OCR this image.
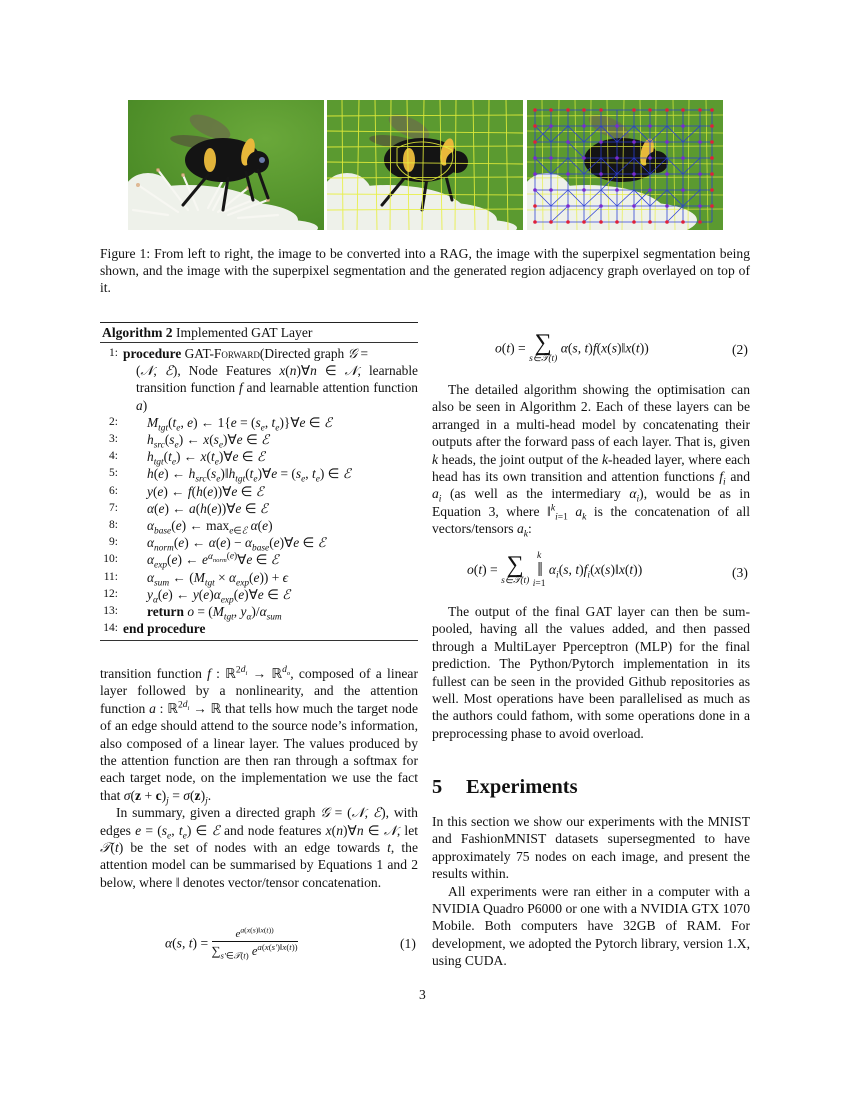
Figure 1: From left to right, the image to be converted into a RAG, the image with the superpixel segmentation being shown, and the image with the superpixel segmentation and the generated region adjacency graph overlayed on top of it.
Algorithm 2 Implemented GAT Layer
1: procedure GAT-Forward(Directed graph 𝒢 =
(𝒩, ℰ), Node Features x(n)∀n ∈ 𝒩, learnable transition function f and learnable attention function a)
2:	$M_{tgt}(t_e$, e) ← $1\{e = (s_e$, $t_e)\}\forall e$ ∈ ℰ
3:	$h_{src}(s_e)$ ← $x(s_e)\forall e$ ∈ ℰ
4:	$h_{tgt}(t_e)$ ← $x(t_e)\forall e$ ∈ ℰ
5:	h(e) ← $h_{src}(s_e)‖h_{tgt}(t_e)\forall e = (s_e$, $t_e$) ∈ ℰ
6:	y(e) ← f(h(e))∀e ∈ ℰ
7:	α(e) ← a(h(e))∀e ∈ ℰ
8:	$\alpha_{base}(e)$ ← $\max_{e\in ℰ} \alpha(e)$
9:	$\alpha_{norm}(e)$ ← $\alpha(e) - \alpha_{base}(e)\forall e$ ∈ ℰ
10:	$\alpha_{exp}(e)$ ← $e^{\alpha_{norm}(e)}\forall e$ ∈ ℰ
11:	$\alpha_{sum}$ ← $(M_{tgt} \times \alpha_{exp}(e)) + \epsilon$
12:	$y_\alpha(e)$ ← $y(e)\alpha_{exp}(e)\forall e$ ∈ ℰ
13:	return $o = (M_{tgt}$, $y_\alpha)/\alpha_{sum}$
14: end procedure

transition function f : ℝ$^{2d_i}$ → ℝ$^{d_o}$, composed of a linear layer followed by a nonlinearity, and the attention function a : ℝ$^{2d_i}$ → ℝ that tells how much the target node of an edge should attend to the source node’s information, also composed of a linear layer. The values produced by the attention function are then ran through a softmax for each target node, on the implementation we use the fact that $\sigma(z + c)_j = \sigma(z)_j$.

In summary, given a directed graph 𝒢 = (𝒩, ℰ), with edges $e = (s_e$, $t_e$) ∈ ℰ and node features x(n)∀n ∈ 𝒩, let 𝒯(t) be the set of nodes with an edge towards t, the attention model can be summarised by Equations 1 and 2 below, where ‖ denotes vector/tensor concatenation.

α(s, $t) = \frac{e^{a(x(s)‖x(t))}}{\sum_{s'\in 𝒯(t)} e^{a(x(s')‖x(t))}}$	(1)
o(t) = ∑
s∈𝒯(t)
α(s, t)f(x(s)‖x(t))	(2)

The detailed algorithm showing the optimisation can also be seen in Algorithm 2. Each of these layers can be arranged in a multi-head model by concatenating their outputs after the forward pass of each layer. That is, given k heads, the joint output of the k-headed layer, where each head has its own transition and attention functions $f_i$ and $a_i$ (as well as the intermediary $\alpha_i$), would be as in Equation 3, where ‖$^k_{i=1}$ $a_k$ is the concatenation of all vectors/tensors $a_k$:

o(t) = ∑
s∈𝒯(t)

k
‖
i=1
$\alpha_i(s$, $t)f_i(x(s)‖x(t))$	(3)

The output of the final GAT layer can then be sum-pooled, having all the values added, and then passed through a MultiLayer Pperceptron (MLP) for the final prediction. The Python/Pytorch implementation in its fullest can be seen in the provided Github repositories as well. Most operations have been parallelised as much as the authors could fathom, with some operations done in a preprocessing phase to avoid overload.

5 Experiments

In this section we show our experiments with the MNIST and FashionMNIST datasets supersegmented to have approximately 75 nodes on each image, and present the results within.

All experiments were ran either in a computer with a NVIDIA Quadro P6000 or one with a NVIDIA GTX 1070 Mobile. Both computers have 32GB of RAM. For development, we adopted the Pytorch library, version 1.X, using CUDA.

3
